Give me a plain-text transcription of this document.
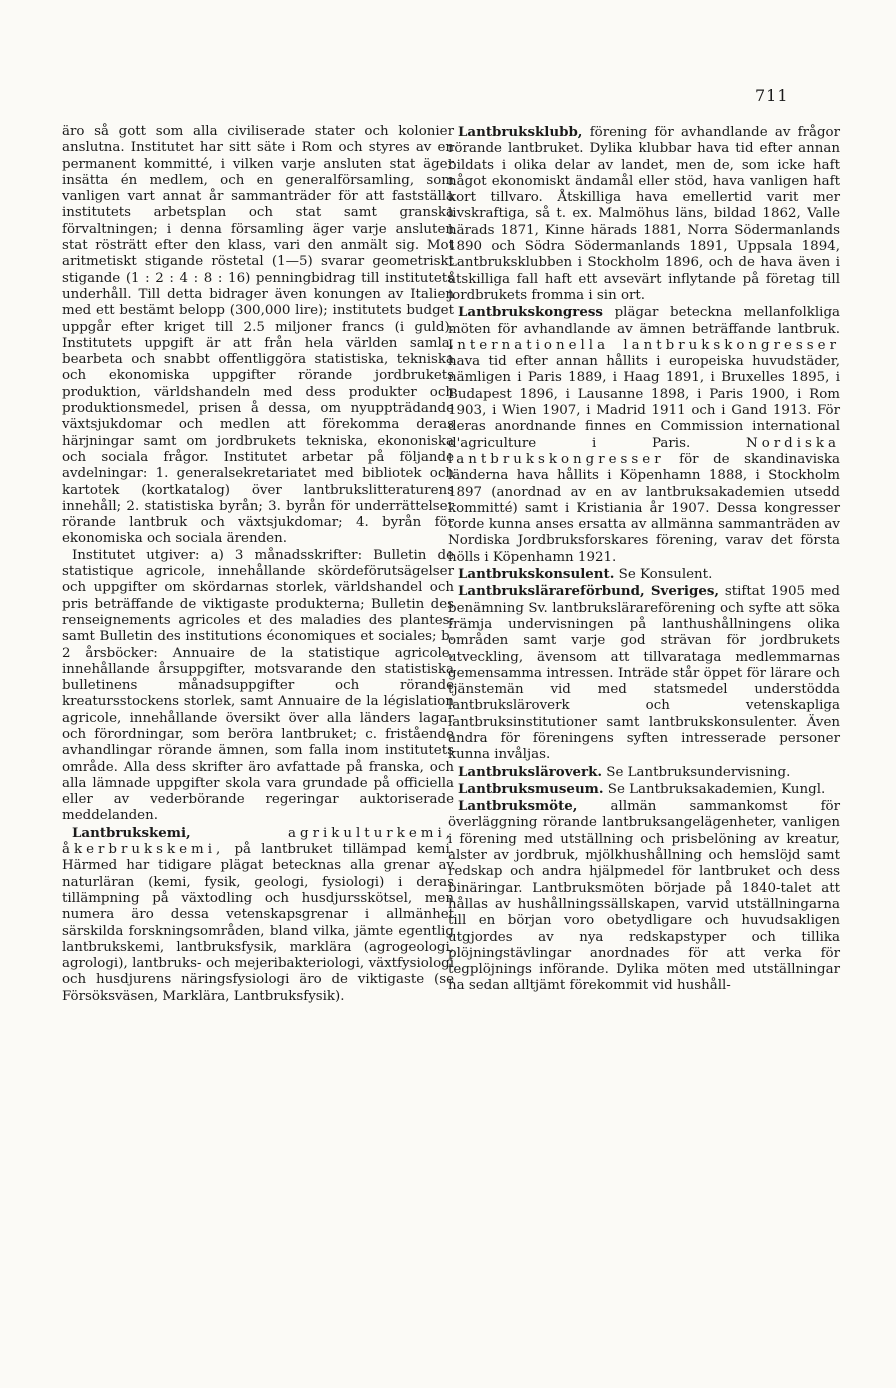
711

äro så gott som alla civiliserade stater och kolonier anslutna. Institutet har sitt säte i Rom och styres av en permanent kommitté, i vilken varje ansluten stat äger insätta én medlem, och en generalförsamling, som vanligen vart annat år sammanträder för att fastställa institutets arbetsplan och stat samt granska förvaltningen; i denna församling äger varje ansluten stat rösträtt efter den klass, vari den anmält sig. Mot aritmetiskt stigande röstetal (1—5) svarar geometriskt stigande (1 : 2 : 4 : 8 : 16) penningbidrag till institutets underhåll. Till detta bidrager även konungen av Italien med ett bestämt belopp (300,000 lire); institutets budget uppgår efter kriget till 2.5 miljoner francs (i guld). Institutets uppgift är att från hela världen samla, bearbeta och snabbt offentliggöra statistiska, tekniska och ekonomiska uppgifter rörande jordbrukets produktion, världshandeln med dess produkter och produktionsmedel, prisen å dessa, om nyuppträdande växtsjukdomar och medlen att förekomma deras härjningar samt om jordbrukets tekniska, ekononiska och sociala frågor. Institutet arbetar på följande avdelningar: 1. generalsekretariatet med bibliotek och kartotek (kortkatalog) över lantbrukslitteraturens innehåll; 2. statistiska byrån; 3. byrån för underrättelser rörande lantbruk och växtsjukdomar; 4. byrån för ekonomiska och sociala ärenden.

Institutet utgiver: a) 3 månadsskrifter: Bulletin de statistique agricole, innehållande skördeförutsägelser och uppgifter om skördarnas storlek, världshandel och pris beträffande de viktigaste produkterna; Bulletin des renseignements agricoles et des maladies des plantes; samt Bulletin des institutions économiques et sociales; b. 2 årsböcker: Annuaire de la statistique agricole, innehållande årsuppgifter, motsvarande den statistiska bulletinens månadsuppgifter och rörande kreatursstockens storlek, samt Annuaire de la législation agricole, innehållande översikt över alla länders lagar och förordningar, som berörа lantbruket; c. fristående avhandlingar rörande ämnen, som falla inom institutets område. Alla dess skrifter äro avfattade på franska, och alla lämnade uppgifter skola vara grundade på officiella eller av vederbörande regeringar auktoriserade meddelanden.

Lantbrukskemi,	agrikulturkemi, åkerbrukskemi, på lantbruket tillämpad kemi. Härmed har tidigare plägat betecknas alla grenar av naturläran (kemi, fysik, geologi, fysiologi) i deras tillämpning på växtodling och husdjursskötsel, men numera äro dessa vetenskapsgrenar i allmänhet särskilda forskningsområden, bland vilka, jämte egentlig lantbrukskemi, lantbruksfysik, marklära (agrogeologi, agrologi), lantbruks- och mejeribakteriologi, växtfysiologi och husdjurens näringsfysiologi äro de viktigaste (se Försöksväsen, Marklära, Lantbruksfysik).

Lantbruksklubb, förening för avhandlande av frågor rörande lantbruket. Dylika klubbar hava tid efter annan bildats i olika delar av landet, men de, som icke haft något ekonomiskt ändamål eller stöd, hava vanligen haft kort tillvaro. Åtskilliga hava emellertid varit mer livskraftiga, så t. ex. Malmöhus läns, bildad 1862, Valle härads 1871, Kinne härads 1881, Norra Södermanlands 1890 och Södra Södermanlands 1891, Uppsala 1894, Lantbruksklubben i Stockholm 1896, och de hava även i åtskilliga fall haft ett avsevärt inflytande på företag till jordbrukets fromma i sin ort.

Lantbrukskongress plägar beteckna mellanfolkliga möten för avhandlande av ämnen beträffande lantbruk. Internationella lantbrukskongresser hava tid efter annan hållits i europeiska huvudstäder, nämligen i Paris 1889, i Haag 1891, i Bruxelles 1895, i Budapest 1896, i Lausanne 1898, i Paris 1900, i Rom 1903, i Wien 1907, i Madrid 1911 och i Gand 1913. För deras anordnande finnes en Commission international d'agriculture i Paris.	Nordiska lantbrukskongresser för de skandinaviska länderna hava hållits i Köpenhamn 1888, i Stockholm 1897 (anordnad av en av lantbruksakademien utsedd kommitté) samt i Kristiania år 1907. Dessa kongresser torde kunna anses ersatta av allmänna sammanträden av Nordiska Jordbruksforskares förening, varav det första hölls i Köpenhamn 1921.

Lantbrukskonsulent. Se Konsulent.

Lantbrukslärareförbund, Sveriges, stiftat 1905 med benämning Sv. lantbrukslärareförening och syfte att söka främja undervisningen på lanthushållningens olika områden samt varje god strävan för jordbrukets utveckling, ävensom att tillvaratagа medlemmarnas gemensamma intressen. Inträde står öppet för lärare och tjänstemän vid med statsmedel understödda lantbruksläroverk och vetenskapliga lantbruksinstitutioner samt lantbrukskonsulenter. Även andra för föreningens syften intresserade personer kunna invåljas.

Lantbruksläroverk. Se Lantbruksundervisning.

Lantbruksmuseum. Se Lantbruksakademien, Kungl.

Lantbruksmöte, allmän sammankomst för överläggning rörande lantbruksangelägenheter, vanligen i förening med utställning och prisbelöning av kreatur, alster av jordbruk, mjölkhushållning och hemslöjd samt redskap och andra hjälpmedel för lantbruket och dess binäringar. Lantbruksmöten började på 1840-talet att hållas av hushållningssällskapen, varvid utställningarna till en början voro obetydligare och huvudsakligen utgjordes av nya redskapstyper och tillika plöjningstävlingar anordnades för att verka för tegplöjnings införande. Dylika möten med utställningar ha sedan alltjämt förekommit vid hushåll-
